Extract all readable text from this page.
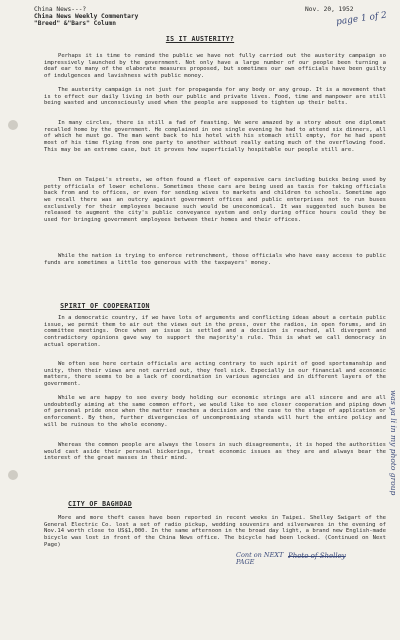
China News---?
China News Weekly Commentary
"Breed" &"Bars" Column
Nov. 20, 1952
page 1 of 2
IS IT AUSTERITY?

Perhaps it is time to remind the public we have not fully carried out the austerity campaign so impressively launched by the government. Not only have a large number of our people been turning a deaf ear to many of the elaborate measures proposed, but sometimes our own officials have been guilty of indulgences and lavishness with public money.

The austerity campaign is not just for propaganda for any body or any group. It is a movement that is to effect our daily living in both our public and private lives. Food, time and manpower are still being wasted and unconsciously used when the people are supposed to tighten up their belts.

In many circles, there is still a fad of feasting. We were amazed by a story about one diplomat recalled home by the government. He complained in one single evening he had to attend six dinners, all of which he must go. The man went back to his hotel with his stomach still empty, for he had spent most of his time flying from one party to another without really eating much of the overflowing food. This may be an extreme case, but it proves how superficially hospitable our people still are.

Then on Taipei's streets, we often found a fleet of expensive cars including buicks being used by petty officials of lower echelons. Sometimes these cars are being used as taxis for taking officials back from and to offices, or even for sending wives to markets and children to schools. Sometime ago we recall there was an outcry against government offices and public enterprises not to run buses exclusively for their employees because such would be uneconomical. It was suggested such buses be released to augment the city's public conveyance system and only during office hours could they be used for bringing government employees between their homes and their offices.

While the nation is trying to enforce retrenchment, those officials who have easy access to public funds are sometimes a little too generous with the taxpayers' money.

SPIRIT OF COOPERATION

In a democratic country, if we have lots of arguments and conflicting ideas about a certain public issue, we permit them to air out the views out in the press, over the radios, in open forums, and in committee meetings. Once when an issue is settled and a decision is reached, all divergent and contradictory opinions gave way to support the majority's rule. This is what we call democracy in actual operation.

We often see here certain officials are acting contrary to such spirit of good sportsmanship and unity, then their views are not carried out, they feel sick. Especially in our financial and economic matters, there seems to be a lack of coordination in various agencies and in different layers of the government.

While we are happy to see every body holding our economic strings are all sincere and are all undoubtedly aiming at the same common effort, we would like to see closer cooperation and piping down of personal pride once when the matter reaches a decision and the case to the stage of application or enforcement. By then, further divergencies of uncompromising stands will hurt the entire policy and will be ruinous to the whole economy.

Whereas the common people are always the losers in such disagreements, it is hoped the authorities would cast aside their personal bickerings, treat economic issues as they are and always bear the interest of the great masses in their mind.

CITY OF BAGHDAD

More and more theft cases have been reported in recent weeks in Taipei. Shelley Swigart of the General Electric Co. lost a set of radio pickup, wedding souvenirs and silverwares in the evening of Nov.14 worth close to US$1,000. In the same afternoon in the broad day light, a brand new English-made bicycle was lost in front of the China News office. The bicycle had been locked. (Continued on Next Page)

Cont on NEXT PAGE
Photo of Shelley
was ya li in my photo group
